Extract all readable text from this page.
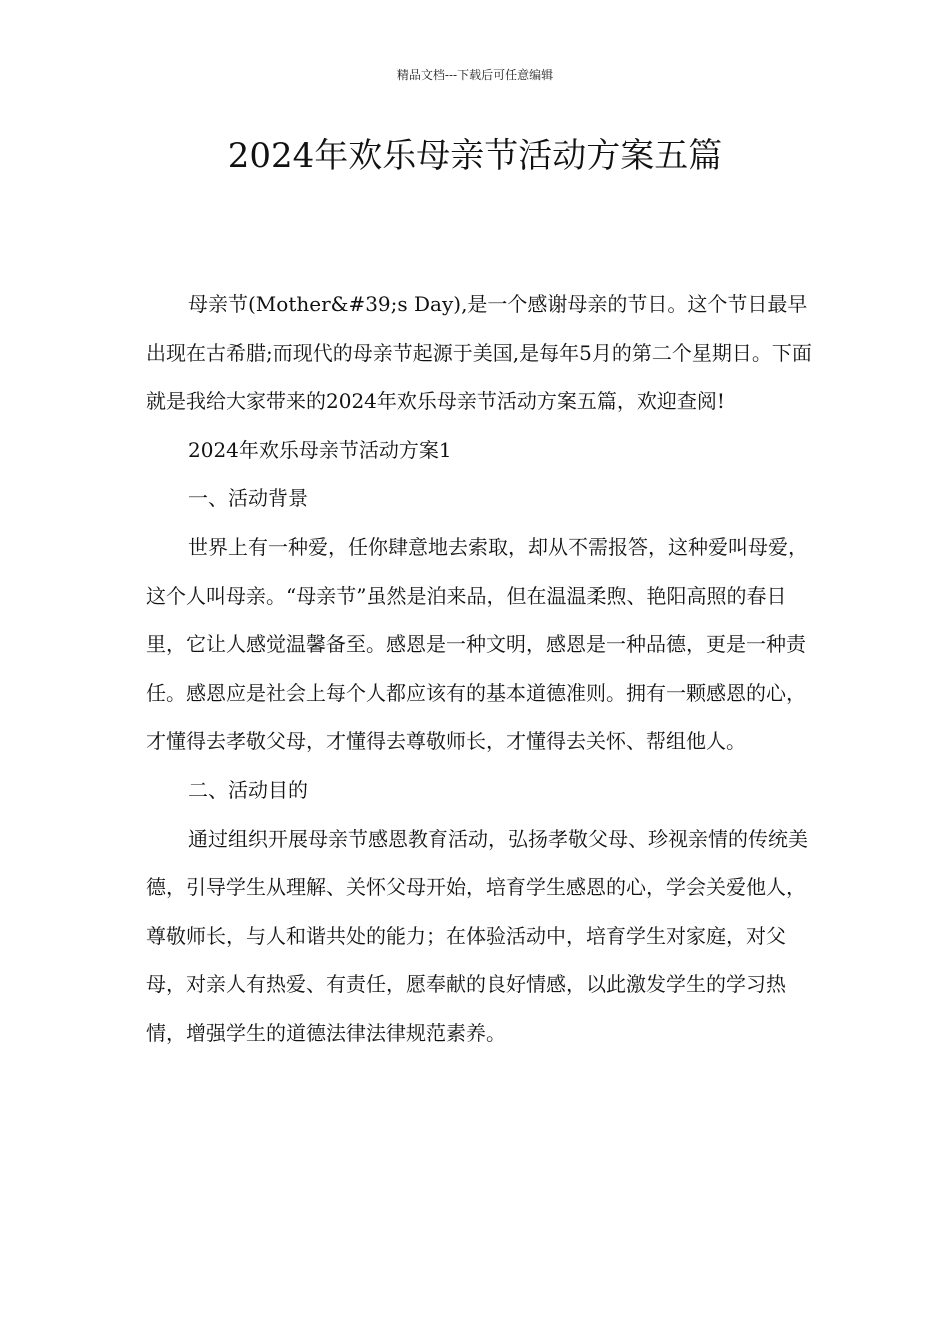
精品文档---下载后可任意编辑
2024年欢乐母亲节活动方案五篇

母亲节(Mother&#39;s Day),是一个感谢母亲的节日。这个节日最早出现在古希腊;而现代的母亲节起源于美国,是每年5月的第二个星期日。下面就是我给大家带来的2024年欢乐母亲节活动方案五篇，欢迎查阅!

2024年欢乐母亲节活动方案1

一、活动背景

世界上有一种爱，任你肆意地去索取，却从不需报答，这种爱叫母爱，这个人叫母亲。“母亲节”虽然是泊来品，但在温温柔煦、艳阳高照的春日里，它让人感觉温馨备至。感恩是一种文明，感恩是一种品德，更是一种责任。感恩应是社会上每个人都应该有的基本道德准则。拥有一颗感恩的心，才懂得去孝敬父母，才懂得去尊敬师长，才懂得去关怀、帮组他人。

二、活动目的

通过组织开展母亲节感恩教育活动，弘扬孝敬父母、珍视亲情的传统美德，引导学生从理解、关怀父母开始，培育学生感恩的心，学会关爱他人，尊敬师长，与人和谐共处的能力；在体验活动中，培育学生对家庭，对父母，对亲人有热爱、有责任，愿奉献的良好情感，以此激发学生的学习热情，增强学生的道德法律法律规范素养。
